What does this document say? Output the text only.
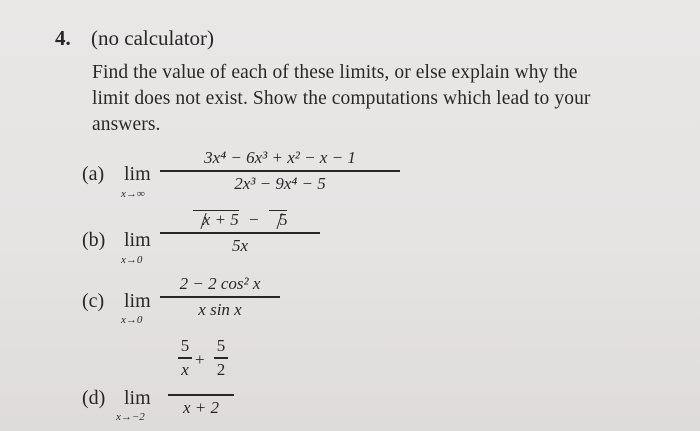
4. (no calculator)
Find the value of each of these limits, or else explain why the
limit does not exist. Show the computations which lead to your
answers.
(a) lim
x→∞
3x⁴ − 6x³ + x² − x − 1
2x³ − 9x⁴ − 5
(b) lim
x→0
x + 5 − 5
5x
(c) lim
x→0
2 − 2 cos² x
x sin x
(d) lim
x→−2
5
x +
5
2
x + 2
